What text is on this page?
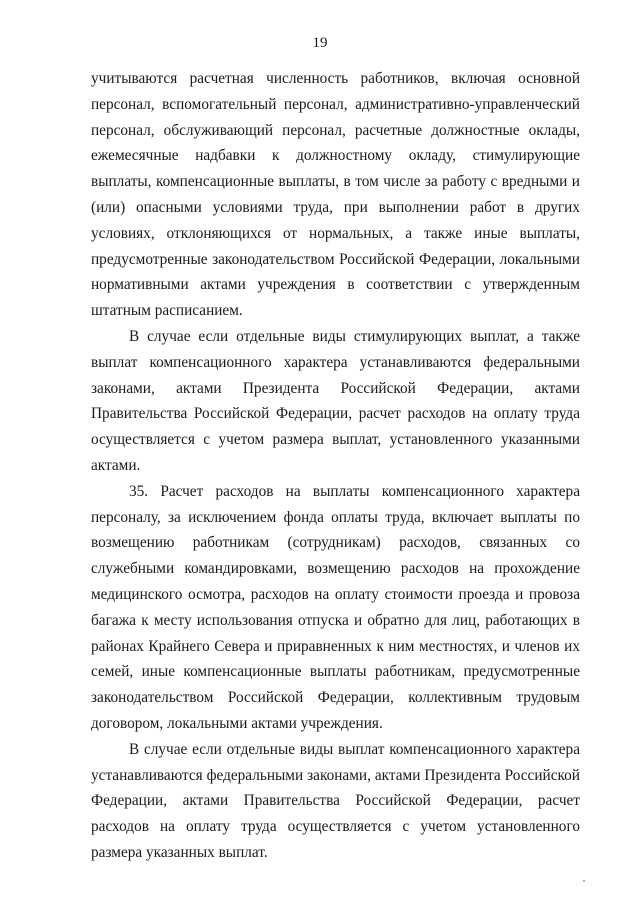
19

учитываются расчетная численность работников, включая основной персонал, вспомогательный персонал, административно-управленческий персонал, обслуживающий персонал, расчетные должностные оклады, ежемесячные надбавки к должностному окладу, стимулирующие выплаты, компенсационные выплаты, в том числе за работу с вредными и (или) опасными условиями труда, при выполнении работ в других условиях, отклоняющихся от нормальных, а также иные выплаты, предусмотренные законодательством Российской Федерации, локальными нормативными актами учреждения в соответствии с утвержденным штатным расписанием.

В случае если отдельные виды стимулирующих выплат, а также выплат компенсационного характера устанавливаются федеральными законами, актами Президента Российской Федерации, актами Правительства Российской Федерации, расчет расходов на оплату труда осуществляется с учетом размера выплат, установленного указанными актами.

35. Расчет расходов на выплаты компенсационного характера персоналу, за исключением фонда оплаты труда, включает выплаты по возмещению работникам (сотрудникам) расходов, связанных со служебными командировками, возмещению расходов на прохождение медицинского осмотра, расходов на оплату стоимости проезда и провоза багажа к месту использования отпуска и обратно для лиц, работающих в районах Крайнего Севера и приравненных к ним местностях, и членов их семей, иные компенсационные выплаты работникам, предусмотренные законодательством Российской Федерации, коллективным трудовым договором, локальными актами учреждения.

В случае если отдельные виды выплат компенсационного характера устанавливаются федеральными законами, актами Президента Российской Федерации, актами Правительства Российской Федерации, расчет расходов на оплату труда осуществляется с учетом установленного размера указанных выплат.
